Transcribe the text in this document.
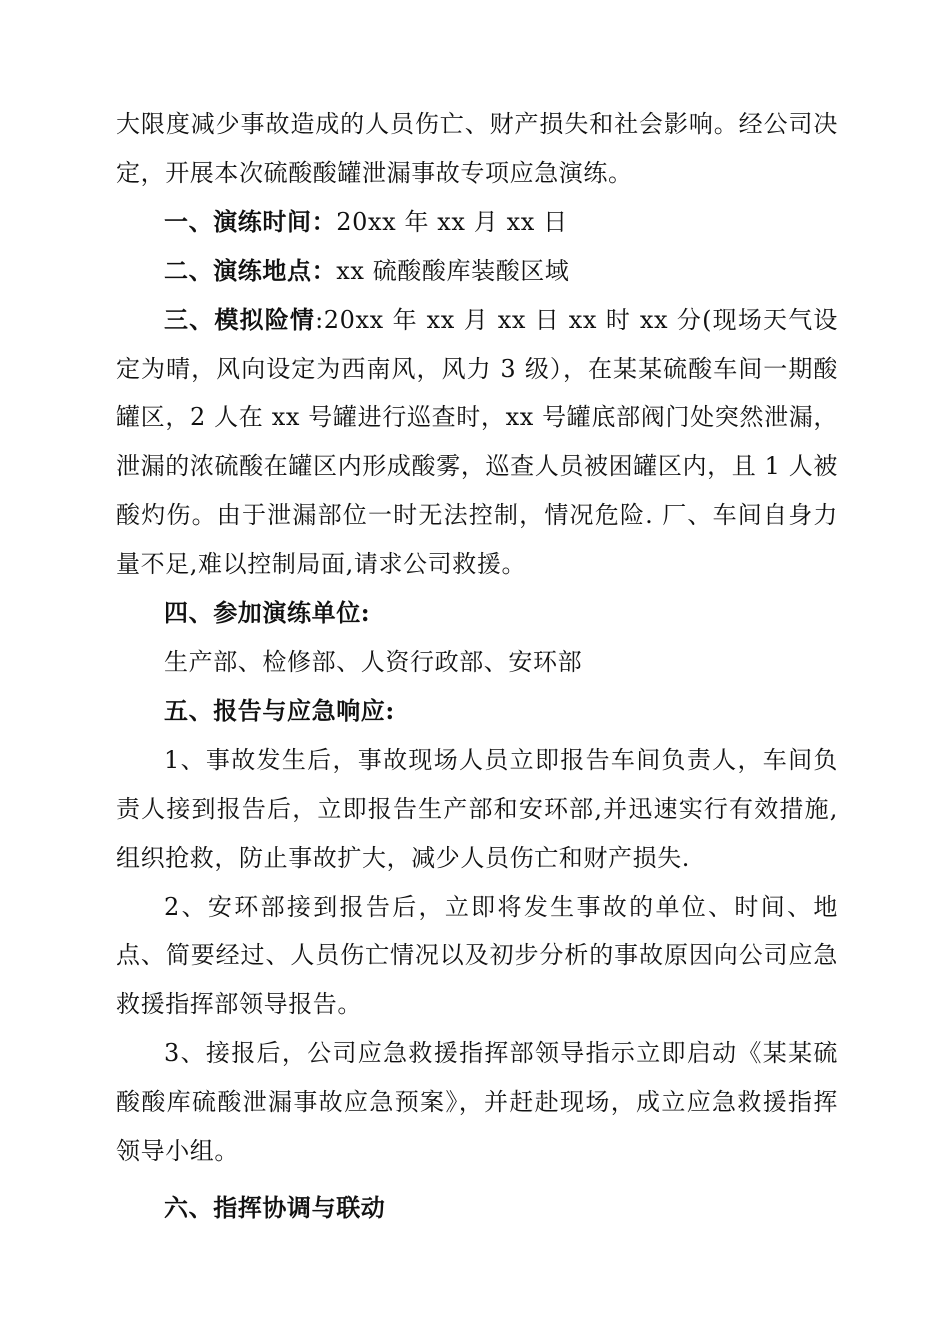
大限度减少事故造成的人员伤亡、财产损失和社会影响。经公司决定，开展本次硫酸酸罐泄漏事故专项应急演练。

一、演练时间：20xx 年 xx 月 xx 日

二、演练地点：xx 硫酸酸库装酸区域

三、模拟险情:20xx 年 xx 月 xx 日 xx 时 xx 分(现场天气设定为晴，风向设定为西南风，风力 3 级），在某某硫酸车间一期酸罐区，2 人在 xx 号罐进行巡查时，xx 号罐底部阀门处突然泄漏，泄漏的浓硫酸在罐区内形成酸雾，巡查人员被困罐区内，且 1 人被酸灼伤。由于泄漏部位一时无法控制，情况危险. 厂、车间自身力量不足,难以控制局面,请求公司救援。

四、参加演练单位:

生产部、检修部、人资行政部、安环部

五、报告与应急响应:

1、事故发生后，事故现场人员立即报告车间负责人，车间负责人接到报告后，立即报告生产部和安环部,并迅速实行有效措施,组织抢救，防止事故扩大，减少人员伤亡和财产损失.

2、安环部接到报告后，立即将发生事故的单位、时间、地点、简要经过、人员伤亡情况以及初步分析的事故原因向公司应急救援指挥部领导报告。

3、接报后，公司应急救援指挥部领导指示立即启动《某某硫酸酸库硫酸泄漏事故应急预案》，并赶赴现场，成立应急救援指挥领导小组。

六、指挥协调与联动
